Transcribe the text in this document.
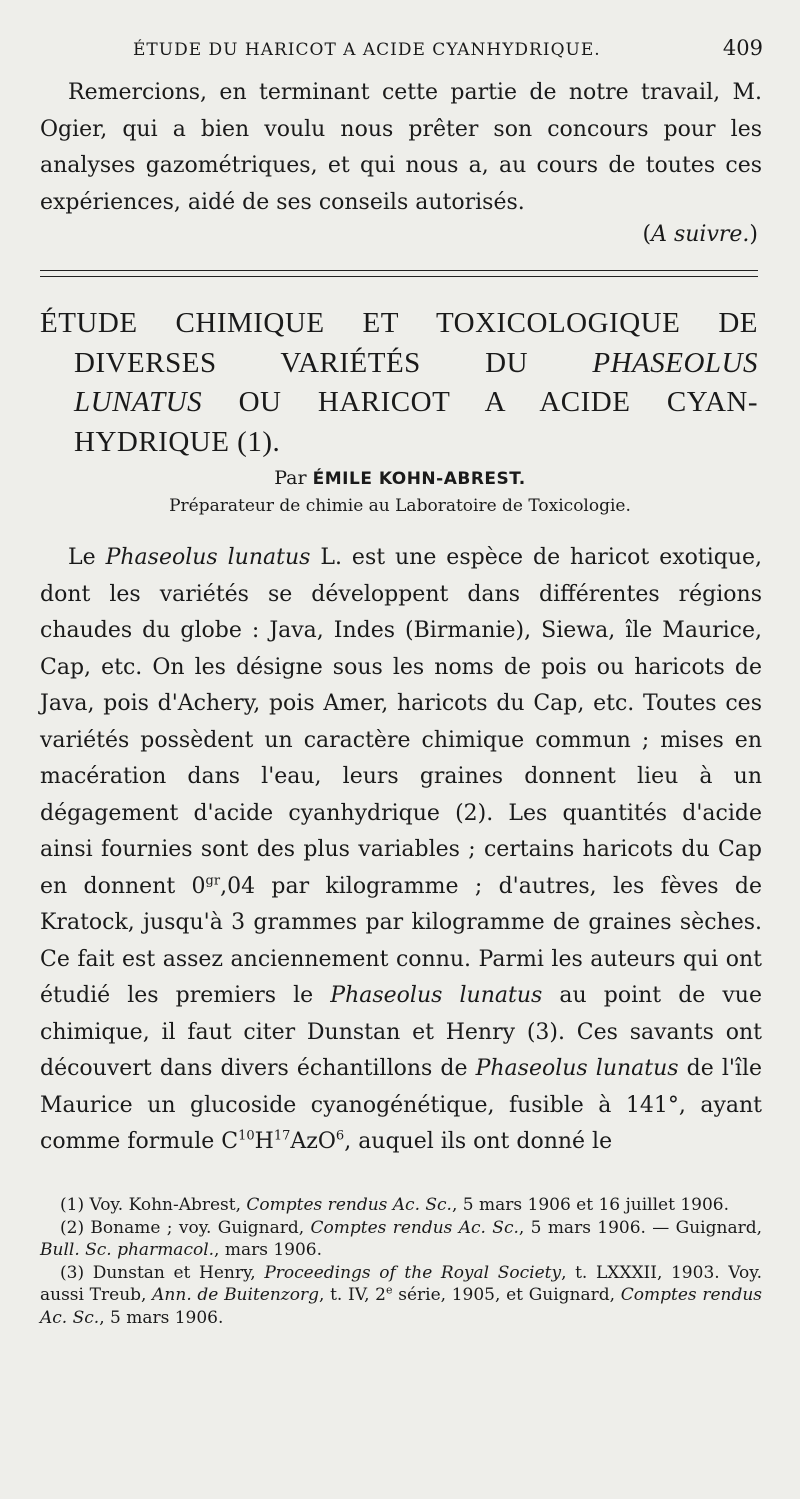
ÉTUDE DU HARICOT A ACIDE CYANHYDRIQUE.	409

Remercions, en terminant cette partie de notre travail, M. Ogier, qui a bien voulu nous prêter son concours pour les analyses gazométriques, et qui nous a, au cours de toutes ces expériences, aidé de ses conseils autorisés.

(A suivre.)
ÉTUDE CHIMIQUE ET TOXICOLOGIQUE DE
DIVERSES VARIÉTÉS DU PHASEOLUS
LUNATUS OU HARICOT A ACIDE CYAN-
HYDRIQUE (1).
Par ÉMILE KOHN-ABREST.
Préparateur de chimie au Laboratoire de Toxicologie.

Le Phaseolus lunatus L. est une espèce de haricot exotique, dont les variétés se développent dans différentes régions chaudes du globe : Java, Indes (Birmanie), Siewa, île Maurice, Cap, etc. On les désigne sous les noms de pois ou haricots de Java, pois d'Achery, pois Amer, haricots du Cap, etc. Toutes ces variétés possèdent un caractère chimique commun ; mises en macération dans l'eau, leurs graines donnent lieu à un dégagement d'acide cyanhydrique (2). Les quantités d'acide ainsi fournies sont des plus variables ; certains haricots du Cap en donnent $0^{gr},04$ par kilogramme ; d'autres, les fèves de Kratock, jusqu'à 3 grammes par kilogramme de graines sèches. Ce fait est assez anciennement connu. Parmi les auteurs qui ont étudié les premiers le Phaseolus lunatus au point de vue chimique, il faut citer Dunstan et Henry (3). Ces savants ont découvert dans divers échantillons de Phaseolus lunatus de l'île Maurice un glucoside cyanogénétique, fusible à 141°, ayant comme formule $C^{10}H^{17}AzO^6$, auquel ils ont donné le

(1) Voy. Kohn-Abrest, Comptes rendus Ac. Sc., 5 mars 1906 et 16 juillet 1906.

(2) Boname ; voy. Guignard, Comptes rendus Ac. Sc., 5 mars 1906. — Guignard, Bull. Sc. pharmacol., mars 1906.

(3) Dunstan et Henry, Proceedings of the Royal Society, t. LXXXII, 1903. Voy. aussi Treub, Ann. de Buitenzorg, t. IV, 2e série, 1905, et Guignard, Comptes rendus Ac. Sc., 5 mars 1906.
